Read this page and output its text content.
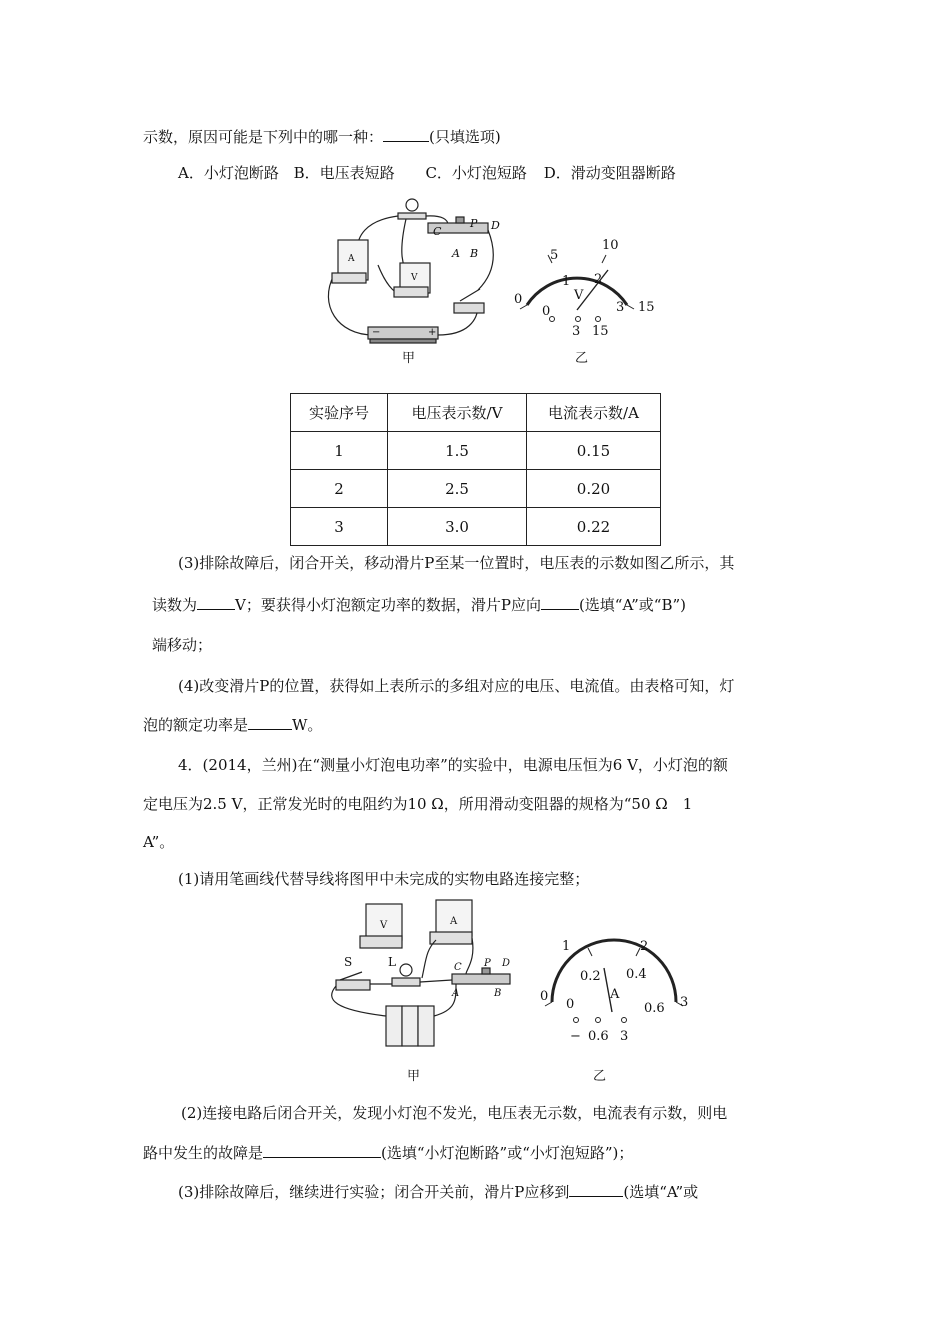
示数，原因可能是下列中的哪一种：	(只填选项)
A．小灯泡断路 B．电压表短路 C．小灯泡短路 D．滑动变阻器断路
C
P D
A B
A
V
−	+
甲
0
5
10
15
0
1 2
3
V
3 15
乙
实验序号	电压表示数/V	电流表示数/A
1	1.5	0.15
2	2.5	0.20
3	3.0	0.22
(3)排除故障后，闭合开关，移动滑片P至某一位置时，电压表的示数如图乙所示，其
读数为	V；要获得小灯泡额定功率的数据，滑片P应向	(选填“A”或“B”)
端移动；
(4)改变滑片P的位置，获得如上表所示的多组对应的电压、电流值。由表格可知，灯
泡的额定功率是	W。
4．(2014，兰州)在“测量小灯泡电功率”的实验中，电源电压恒为6 V，小灯泡的额
定电压为2.5 V，正常发光时的电阻约为10 Ω，所用滑动变阻器的规格为“50 Ω　1
A”。
(1)请用笔画线代替导线将图甲中未完成的实物电路连接完整；
S	L	C P D
A	B
V	A
甲
0
1	2
3
0
0.2 0.4
0.6
A
− 0.6 3
乙
(2)连接电路后闭合开关，发现小灯泡不发光，电压表无示数，电流表有示数，则电
路中发生的故障是	(选填“小灯泡断路”或“小灯泡短路”)；
(3)排除故障后，继续进行实验；闭合开关前，滑片P应移到	(选填“A”或
